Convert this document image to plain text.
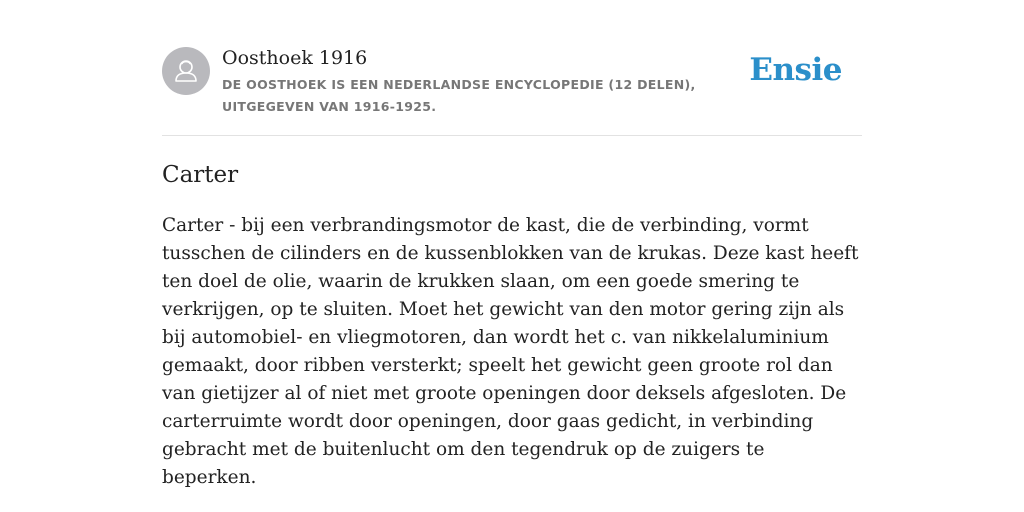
Oosthoek 1916
DE OOSTHOEK IS EEN NEDERLANDSE ENCYCLOPEDIE (12 DELEN), UITGEGEVEN VAN 1916-1925.
Ensie
Carter

Carter - bij een verbrandingsmotor de kast, die de verbinding, vormt tusschen de cilinders en de kussenblokken van de krukas. Deze kast heeft ten doel de olie, waarin de krukken slaan, om een goede smering te verkrijgen, op te sluiten. Moet het gewicht van den motor gering zijn als bij automobiel- en vliegmotoren, dan wordt het c. van nikkelaluminium gemaakt, door ribben versterkt; speelt het gewicht geen groote rol dan van gietijzer al of niet met groote openingen door deksels afgesloten. De carterruimte wordt door openingen, door gaas gedicht, in verbinding gebracht met de buitenlucht om den tegendruk op de zuigers te beperken.
